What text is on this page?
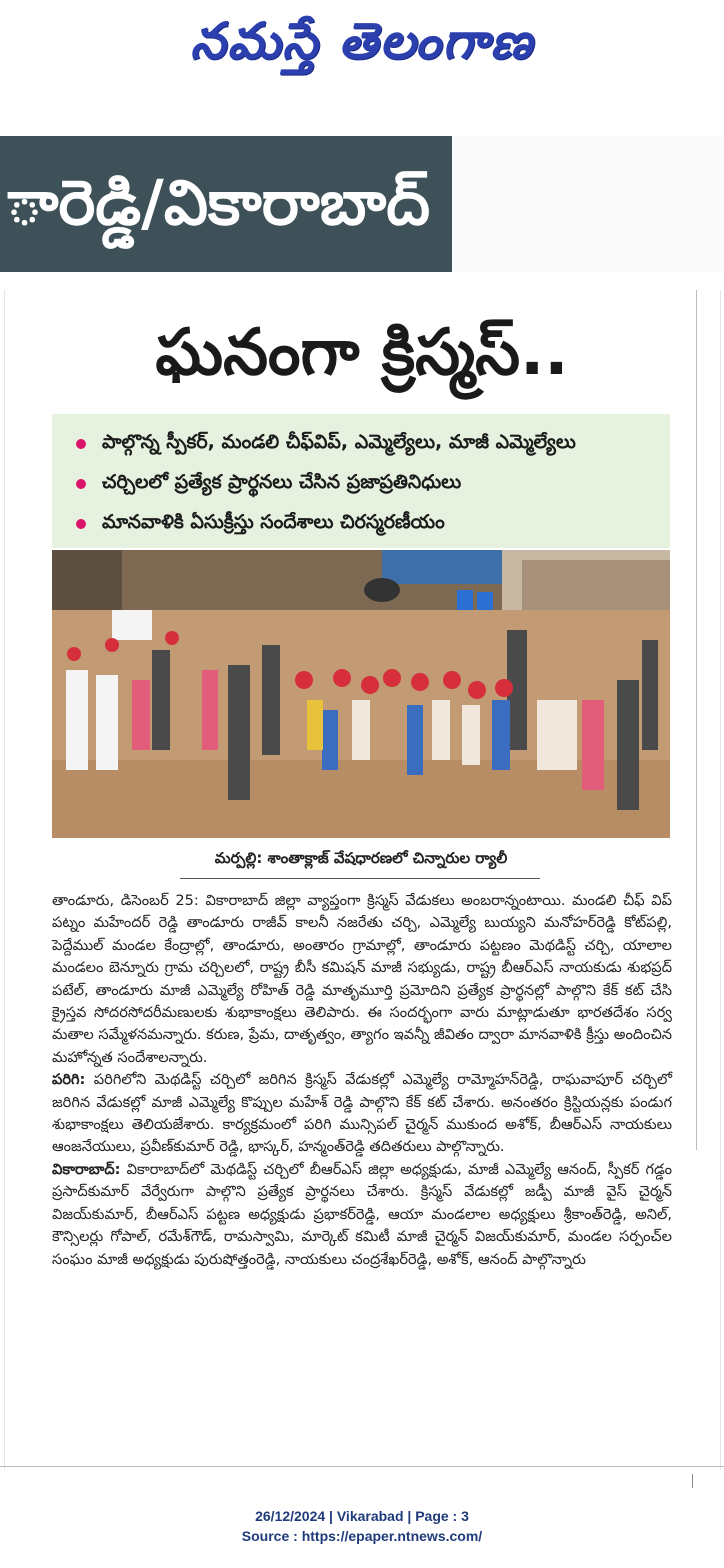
నమస్తే తెలంగాణ
ారెడ్డి/వికారాబాద్
ఘనంగా క్రిస్మస్..
పాల్గొన్న స్పీకర్, మండలి చీఫ్‌విప్, ఎమ్మెల్యేలు, మాజీ ఎమ్మెల్యేలు
చర్చిలలో ప్రత్యేక ప్రార్థనలు చేసిన ప్రజాప్రతినిధులు
మానవాళికి ఏసుక్రీస్తు సందేశాలు చిరస్మరణీయం
మర్పల్లి: శాంతాక్లాజ్ వేషధారణలో చిన్నారుల ర్యాలీ

తాండూరు, డిసెంబర్ 25: వికారాబాద్ జిల్లా వ్యాప్తంగా క్రిస్మస్ వేడుకలు అంబరాన్నంటాయి. మండలి చీఫ్ విప్ పట్నం మహేందర్ రెడ్డి తాండూరు రాజీవ్ కాలనీ నజరేతు చర్చి, ఎమ్మెల్యే బుయ్యని మనోహర్‌రెడ్డి కోట్‌పల్లి, పెద్దేముల్ మండల కేంద్రాల్లో, తాండూరు, అంతారం గ్రామాల్లో, తాండూరు పట్టణం మెథడిస్ట్ చర్చి, యాలాల మండలం బెన్నూరు గ్రామ చర్చిలలో, రాష్ట్ర బీసీ కమిషన్ మాజీ సభ్యుడు, రాష్ట్ర బీఆర్‌ఎస్ నాయకుడు శుభప్రద్ పటేల్, తాండూరు మాజీ ఎమ్మెల్యే రోహిత్ రెడ్డి మాతృమూర్తి ప్రమోదిని ప్రత్యేక ప్రార్థనల్లో పాల్గొని కేక్ కట్ చేసి క్రైస్తవ సోదరసోదరీమణులకు శుభాకాంక్షలు తెలిపారు. ఈ సందర్భంగా వారు మాట్లాడుతూ భారతదేశం సర్వ మతాల సమ్మేళనమన్నారు. కరుణ, ప్రేమ, దాతృత్వం, త్యాగం ఇవన్నీ జీవితం ద్వారా మానవాళికి క్రీస్తు అందించిన మహోన్నత సందేశాలన్నారు.

పరిగి: పరిగిలోని మెథడిస్ట్ చర్చిలో జరిగిన క్రిస్మస్ వేడుకల్లో ఎమ్మెల్యే రామ్మోహన్‌రెడ్డి, రాఘవాపూర్ చర్చిలో జరిగిన వేడుకల్లో మాజీ ఎమ్మెల్యే కొప్పుల మహేశ్ రెడ్డి పాల్గొని కేక్ కట్ చేశారు. అనంతరం క్రిస్టియన్లకు పండుగ శుభాకాంక్షలు తెలియజేశారు. కార్యక్రమంలో పరిగి మున్సిపల్ చైర్మన్ ముకుంద అశోక్, బీఆర్‌ఎస్ నాయకులు ఆంజనేయులు, ప్రవీణ్‌కుమార్ రెడ్డి, భాస్కర్, హన్మంత్‌రెడ్డి తదితరులు పాల్గొన్నారు.

వికారాబాద్: వికారాబాద్‌లో మెథడిస్ట్ చర్చిలో బీఆర్‌ఎస్ జిల్లా అధ్యక్షుడు, మాజీ ఎమ్మెల్యే ఆనంద్, స్పీకర్ గడ్డం ప్రసాద్‌కుమార్ వేర్వేరుగా పాల్గొని ప్రత్యేక ప్రార్థనలు చేశారు. క్రిస్మస్ వేడుకల్లో జడ్పీ మాజీ వైస్ చైర్మన్ విజయ్‌కుమార్, బీఆర్‌ఎస్ పట్టణ అధ్యక్షుడు ప్రభాకర్‌రెడ్డి, ఆయా మండలాల అధ్యక్షులు శ్రీకాంత్‌రెడ్డి, అనిల్, కౌన్సిలర్లు గోపాల్, రమేశ్‌గౌడ్, రామస్వామి, మార్కెట్ కమిటీ మాజీ చైర్మన్ విజయ్‌కుమార్, మండల సర్పంచ్‌ల సంఘం మాజీ అధ్యక్షుడు పురుషోత్తంరెడ్డి, నాయకులు చంద్రశేఖర్‌రెడ్డి, అశోక్, ఆనంద్ పాల్గొన్నారు

26/12/2024 | Vikarabad | Page : 3
Source : https://epaper.ntnews.com/
